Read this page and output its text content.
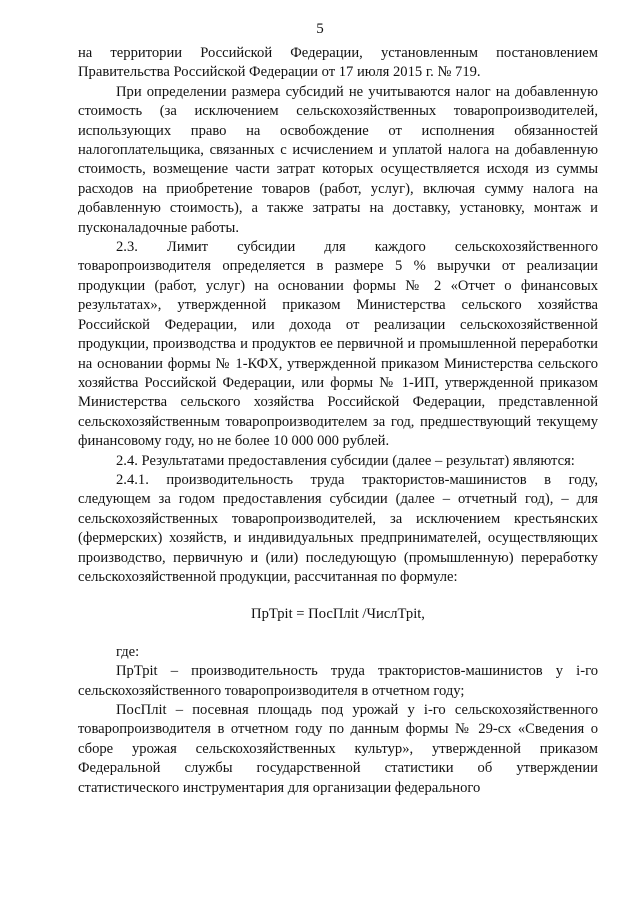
5

на территории Российской Федерации, установленным постановлением Правительства Российской Федерации от 17 июля 2015 г. № 719.

При определении размера субсидий не учитываются налог на добавленную стоимость (за исключением сельскохозяйственных товаропроизводителей, использующих право на освобождение от исполнения обязанностей налогоплательщика, связанных с исчислением и уплатой налога на добавленную стоимость, возмещение части затрат которых осуществляется исходя из суммы расходов на приобретение товаров (работ, услуг), включая сумму налога на добавленную стоимость), а также затраты на доставку, установку, монтаж и пусконаладочные работы.

2.3. Лимит субсидии для каждого сельскохозяйственного товаропроизводителя определяется в размере 5 % выручки от реализации продукции (работ, услуг) на основании формы № 2 «Отчет о финансовых результатах», утвержденной приказом Министерства сельского хозяйства Российской Федерации, или дохода от реализации сельскохозяйственной продукции, производства и продуктов ее первичной и промышленной переработки на основании формы № 1-КФХ, утвержденной приказом Министерства сельского хозяйства Российской Федерации, или формы № 1-ИП, утвержденной приказом Министерства сельского хозяйства Российской Федерации, представленной сельскохозяйственным товаропроизводителем за год, предшествующий текущему финансовому году, но не более 10 000 000 рублей.

2.4. Результатами предоставления субсидии (далее – результат) являются:

2.4.1. производительность труда трактористов-машинистов в году, следующем за годом предоставления субсидии (далее – отчетный год), – для сельскохозяйственных товаропроизводителей, за исключением крестьянских (фермерских) хозяйств, и индивидуальных предпринимателей, осуществляющих производство, первичную и (или) последующую (промышленную) переработку сельскохозяйственной продукции, рассчитанная по формуле:

ПрТрit = ПосПлit /ЧислТрit,

где:

ПрТрit – производительность труда трактористов-машинистов у i-го сельскохозяйственного товаропроизводителя в отчетном году;

ПосПлit – посевная площадь под урожай у i-го сельскохозяйственного товаропроизводителя в отчетном году по данным формы № 29-сх «Сведения о сборе урожая сельскохозяйственных культур», утвержденной приказом Федеральной службы государственной статистики об утверждении статистического инструментария для организации федерального
